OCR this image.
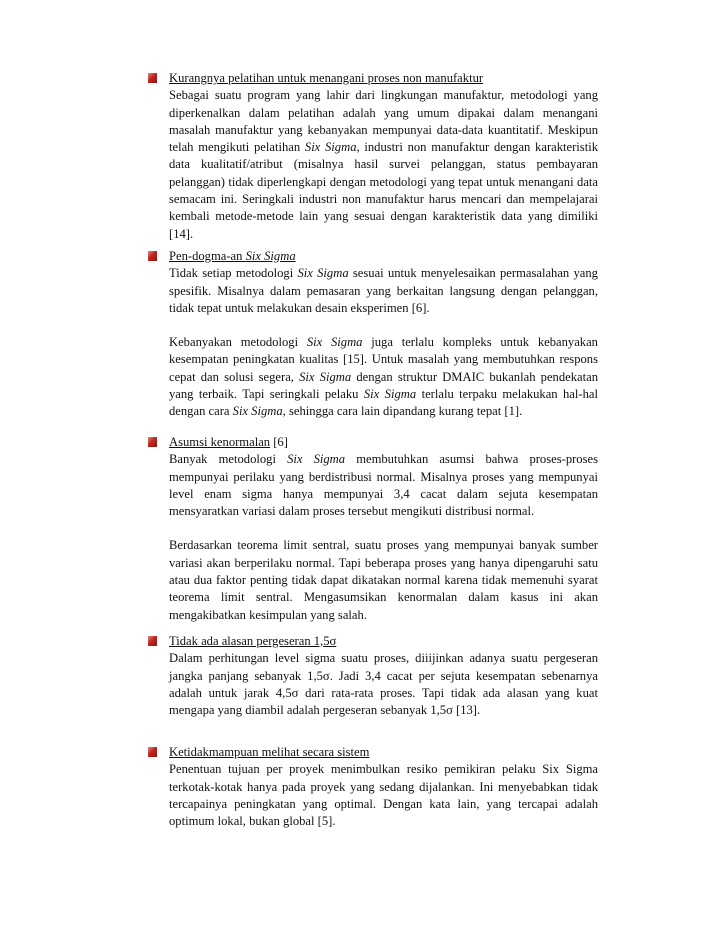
Kurangnya pelatihan untuk menangani proses non manufaktur

Sebagai suatu program yang lahir dari lingkungan manufaktur, metodologi yang diperkenalkan dalam pelatihan adalah yang umum dipakai dalam menangani masalah manufaktur yang kebanyakan mempunyai data-data kuantitatif. Meskipun telah mengikuti pelatihan Six Sigma, industri non manufaktur dengan karakteristik data kualitatif/atribut (misalnya hasil survei pelanggan, status pembayaran pelanggan) tidak diperlengkapi dengan metodologi yang tepat untuk menangani data semacam ini. Seringkali industri non manufaktur harus mencari dan mempelajarai kembali metode-metode lain yang sesuai dengan karakteristik data yang dimiliki [14].

Pen-dogma-an Six Sigma

Tidak setiap metodologi Six Sigma sesuai untuk menyelesaikan permasalahan yang spesifik. Misalnya dalam pemasaran yang berkaitan langsung dengan pelanggan, tidak tepat untuk melakukan desain eksperimen [6].

Kebanyakan metodologi Six Sigma juga terlalu kompleks untuk kebanyakan kesempatan peningkatan kualitas [15]. Untuk masalah yang membutuhkan respons cepat dan solusi segera, Six Sigma dengan struktur DMAIC bukanlah pendekatan yang terbaik. Tapi seringkali pelaku Six Sigma terlalu terpaku melakukan hal-hal dengan cara Six Sigma, sehingga cara lain dipandang kurang tepat [1].

Asumsi kenormalan [6]

Banyak metodologi Six Sigma membutuhkan asumsi bahwa proses-proses mempunyai perilaku yang berdistribusi normal. Misalnya proses yang mempunyai level enam sigma hanya mempunyai 3,4 cacat dalam sejuta kesempatan mensyaratkan variasi dalam proses tersebut mengikuti distribusi normal.

Berdasarkan teorema limit sentral, suatu proses yang mempunyai banyak sumber variasi akan berperilaku normal. Tapi beberapa proses yang hanya dipengaruhi satu atau dua faktor penting tidak dapat dikatakan normal karena tidak memenuhi syarat teorema limit sentral. Mengasumsikan kenormalan dalam kasus ini akan mengakibatkan kesimpulan yang salah.

Tidak ada alasan pergeseran 1,5σ

Dalam perhitungan level sigma suatu proses, diiijinkan adanya suatu pergeseran jangka panjang sebanyak 1,5σ. Jadi 3,4 cacat per sejuta kesempatan sebenarnya adalah untuk jarak 4,5σ dari rata-rata proses. Tapi tidak ada alasan yang kuat mengapa yang diambil adalah pergeseran sebanyak 1,5σ [13].

Ketidakmampuan melihat secara sistem

Penentuan tujuan per proyek menimbulkan resiko pemikiran pelaku Six Sigma terkotak-kotak hanya pada proyek yang sedang dijalankan. Ini menyebabkan tidak tercapainya peningkatan yang optimal. Dengan kata lain, yang tercapai adalah optimum lokal, bukan global [5].
